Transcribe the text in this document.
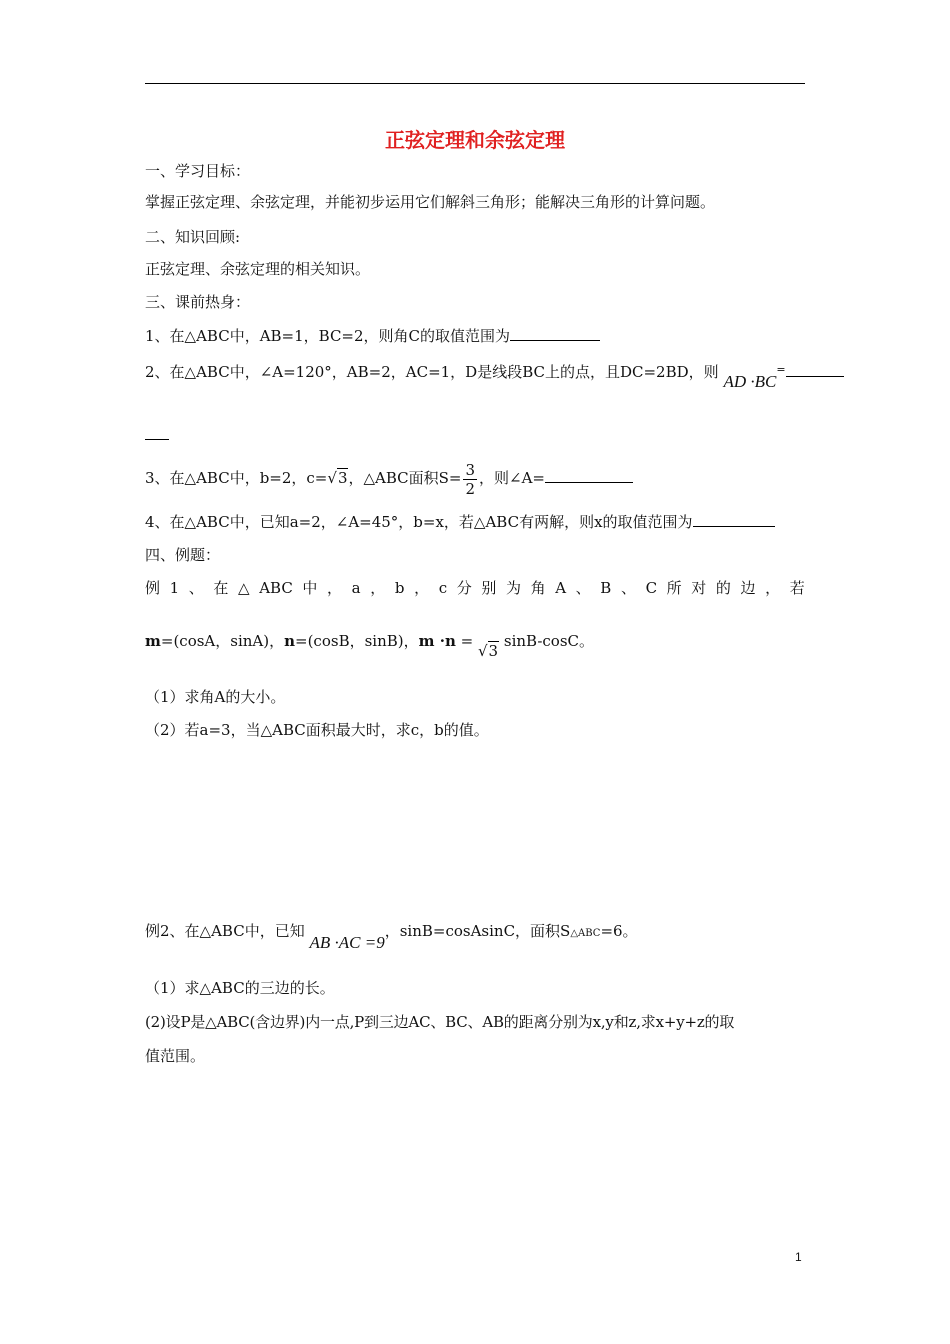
正弦定理和余弦定理
一、学习目标：
掌握正弦定理、余弦定理，并能初步运用它们解斜三角形；能解决三角形的计算问题。
二、知识回顾:
正弦定理、余弦定理的相关知识。
三、课前热身：
1、在△ABC中，AB=1，BC=2，则角C的取值范围为
2、在△ABC中，∠A=120°，AB=2，AC=1，D是线段BC上的点，且DC=2BD，则 AD ·BC=
3、在△ABC中，b=2，c=√3，△ABC面积$S= \frac{3}{2}$ ，则∠A=
4、在△ABC中，已知a=2，∠A=45°，b=x，若△ABC有两解，则x的取值范围为
四、例题：
例 1 、 在 △ ABC 中 ， a ， b ， c 分 别 为 角 A 、 B 、 C 所 对 的 边 ， 若
m=(cosA，sinA)，n=(cosB，sinB)，m ·n = √3 sinB-cosC。
（1）求角A的大小。
（2）若a=3，当△ABC面积最大时，求c，b的值。
例2、在△ABC中，已知 AB ·AC =9，sinB=cosAsinC，面积S△ABC=6。
（1）求△ABC的三边的长。
(2)设P是△ABC(含边界)内一点,P到三边AC、BC、AB的距离分别为x,y和z,求x+y+z的取
值范围。
1
